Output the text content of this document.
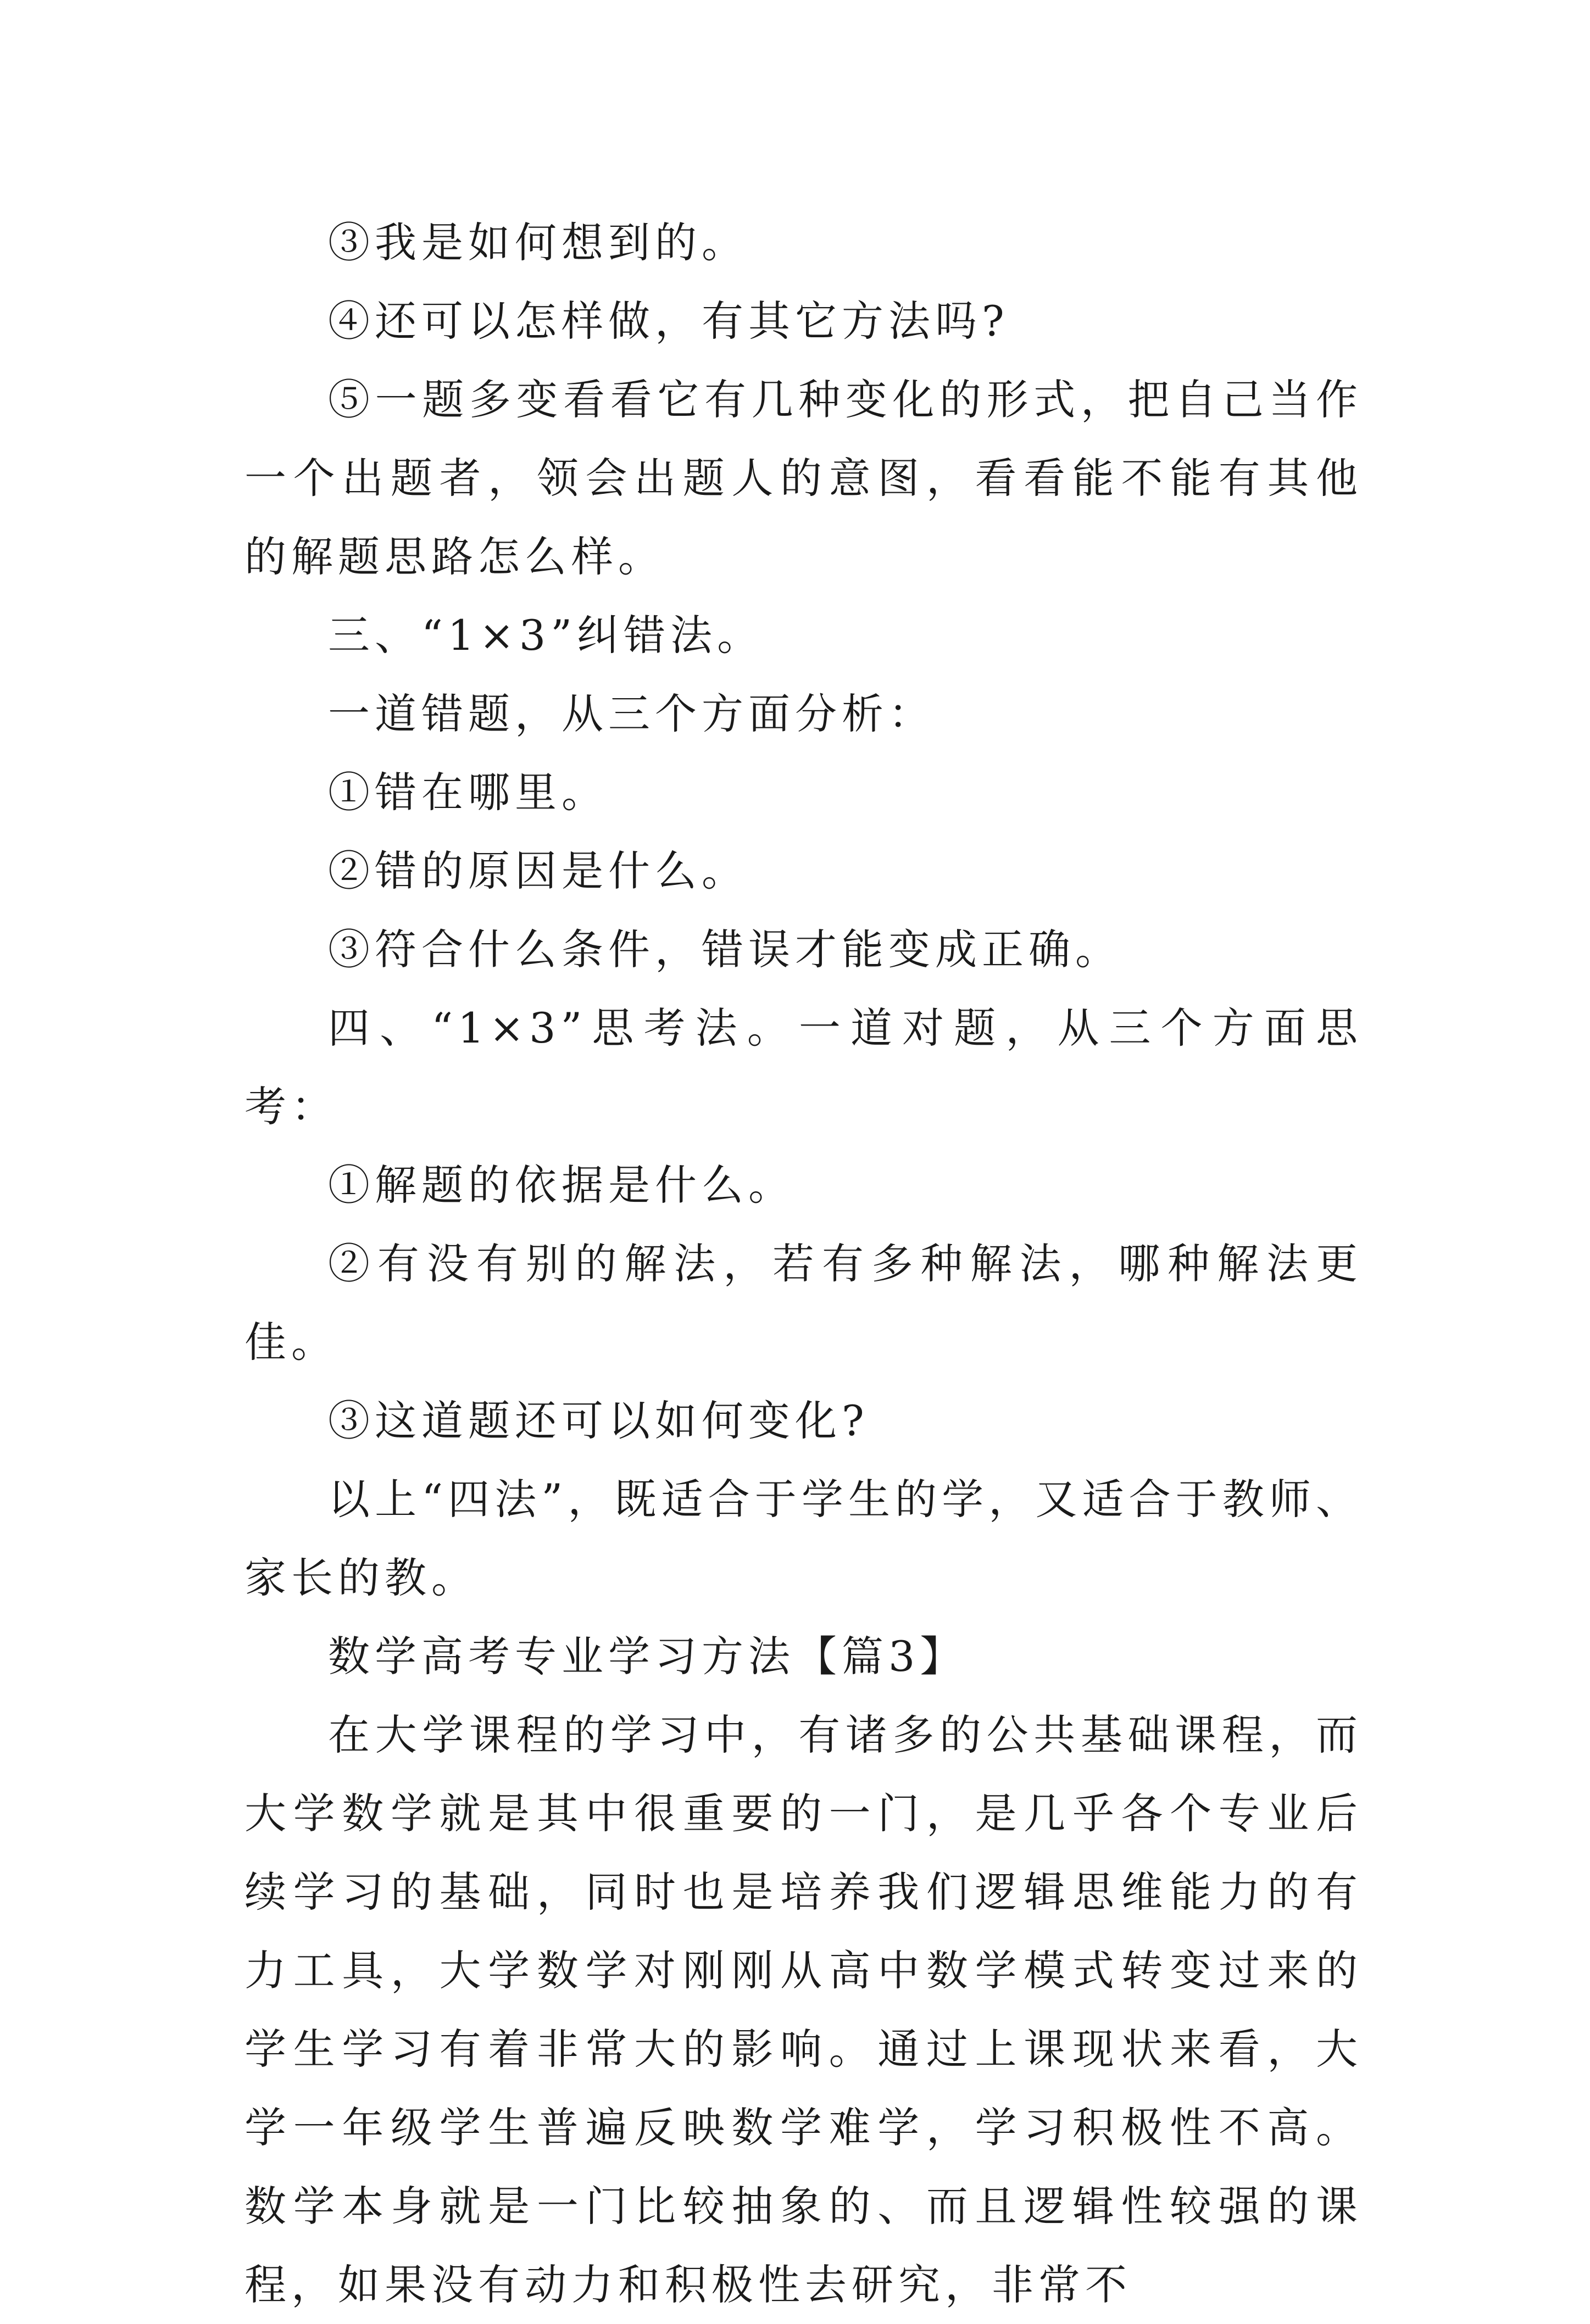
③我是如何想到的。

④还可以怎样做，有其它方法吗?

⑤一题多变看看它有几种变化的形式，把自己当作一个出题者，领会出题人的意图，看看能不能有其他的解题思路怎么样。

三、“1×3”纠错法。

一道错题，从三个方面分析：

①错在哪里。

②错的原因是什么。

③符合什么条件，错误才能变成正确。

四、“1×3”思考法。一道对题，从三个方面思考：

①解题的依据是什么。

②有没有别的解法，若有多种解法，哪种解法更佳。

③这道题还可以如何变化?

以上“四法”，既适合于学生的学，又适合于教师、家长的教。

数学高考专业学习方法【篇3】

在大学课程的学习中，有诸多的公共基础课程，而大学数学就是其中很重要的一门，是几乎各个专业后续学习的基础，同时也是培养我们逻辑思维能力的有力工具，大学数学对刚刚从高中数学模式转变过来的学生学习有着非常大的影响。通过上课现状来看，大学一年级学生普遍反映数学难学，学习积极性不高。数学本身就是一门比较抽象的、而且逻辑性较强的课程，如果没有动力和积极性去研究，非常不
